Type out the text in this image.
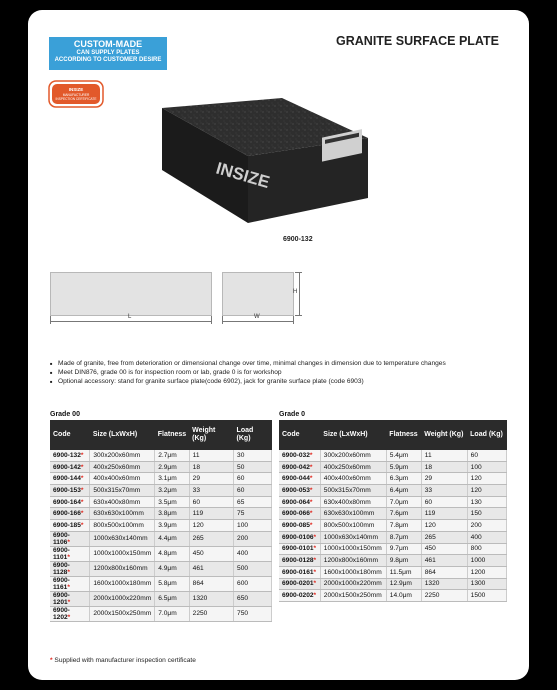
CUSTOM-MADE
CAN SUPPLY PLATES
ACCORDING TO CUSTOMER DESIRE
GRANITE SURFACE PLATE
INSIZE
MANUFACTURER
INSPECTION CERTIFICATE
INSIZE
6900-132
L	W
H
■ Made of granite, free from deterioration or dimensional change over time, minimal changes in dimension due to temperature changes
■ Meet DIN876, grade 00 is for inspection room or lab, grade 0 is for workshop
■ Optional accessory: stand for granite surface plate(code 6902), jack for granite surface plate (code 6903)
Grade 00
Code	Size (LxWxH)	Flatness	Weight (Kg)	Load (Kg)
6900-132*	300x200x60mm	2.7μm	11	30
6900-142*	400x250x60mm	2.9μm	18	50
6900-144*	400x400x60mm	3.1μm	29	60
6900-153*	500x315x70mm	3.2μm	33	60
6900-164*	630x400x80mm	3.5μm	60	65
6900-166*	630x630x100mm	3.8μm	119	75
6900-185*	800x500x100mm	3.9μm	120	100
6900-1106*	1000x630x140mm	4.4μm	265	200
6900-1101*	1000x1000x150mm	4.8μm	450	400
6900-1128*	1200x800x160mm	4.9μm	461	500
6900-1161*	1600x1000x180mm	5.8μm	864	600
6900-1201*	2000x1000x220mm	6.5μm	1320	650
6900-1202*	2000x1500x250mm	7.0μm	2250	750
Grade 0
Code	Size (LxWxH)	Flatness	Weight (Kg)	Load (Kg)
6900-032*	300x200x60mm	5.4μm	11	60
6900-042*	400x250x60mm	5.9μm	18	100
6900-044*	400x400x60mm	6.3μm	29	120
6900-053*	500x315x70mm	6.4μm	33	120
6900-064*	630x400x80mm	7.0μm	60	130
6900-066*	630x630x100mm	7.6μm	119	150
6900-085*	800x500x100mm	7.8μm	120	200
6900-0106*	1000x630x140mm	8.7μm	265	400
6900-0101*	1000x1000x150mm	9.7μm	450	800
6900-0128*	1200x800x160mm	9.8μm	461	1000
6900-0161*	1600x1000x180mm	11.5μm	864	1200
6900-0201*	2000x1000x220mm	12.9μm	1320	1300
6900-0202*	2000x1500x250mm	14.0μm	2250	1500
* Supplied with manufacturer inspection certificate
